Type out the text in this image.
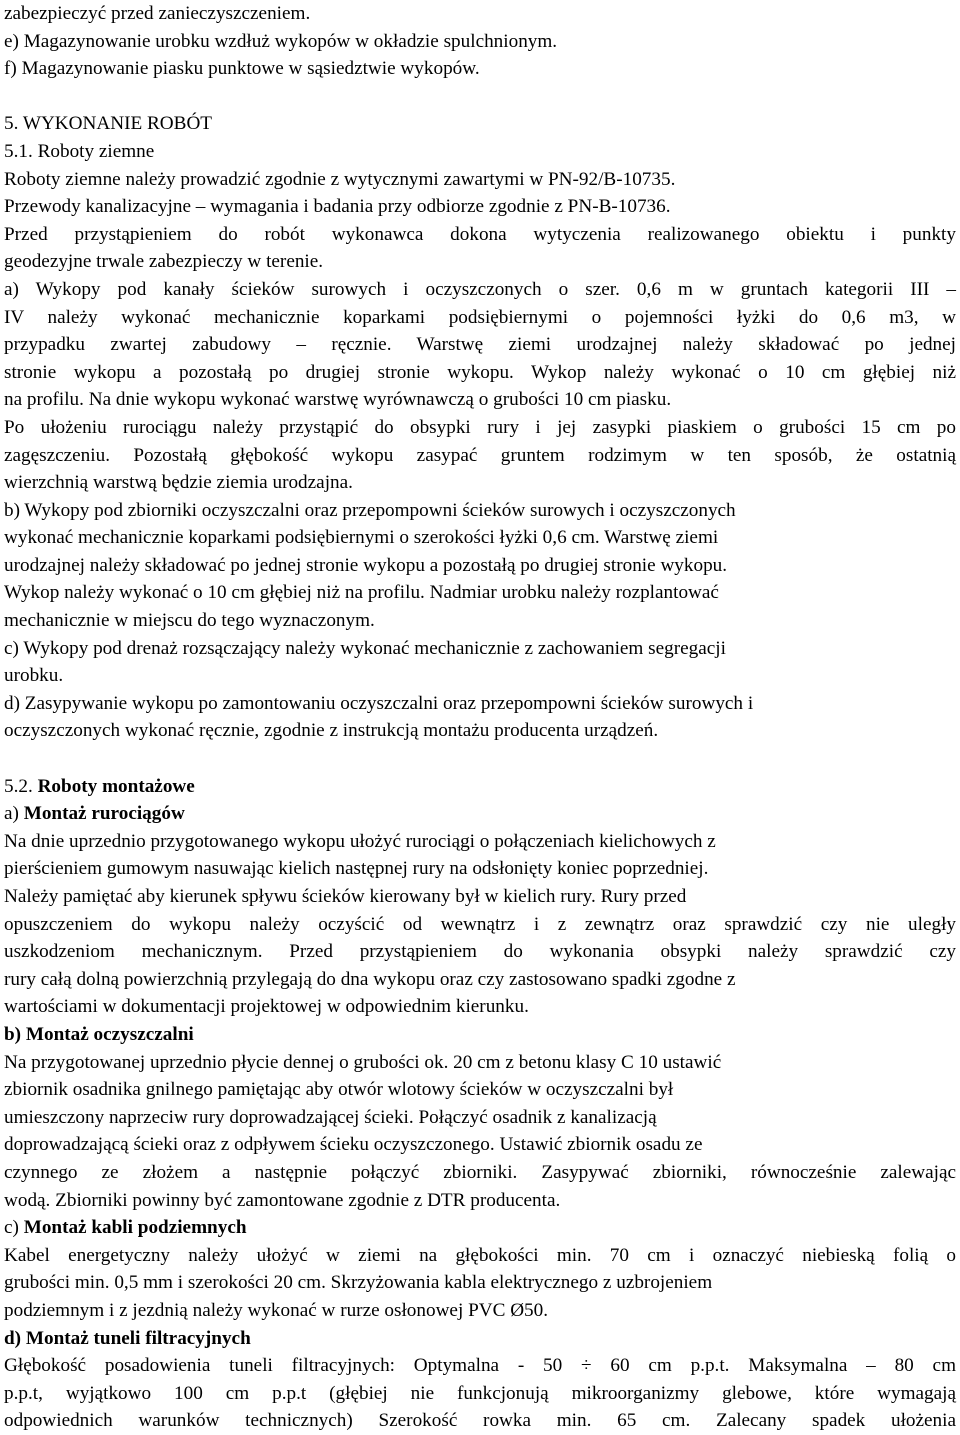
zabezpieczyć przed zanieczyszczeniem.
e) Magazynowanie urobku wzdłuż wykopów w okładzie spulchnionym.
f) Magazynowanie piasku punktowe w sąsiedztwie wykopów.
5. WYKONANIE ROBÓT
5.1. Roboty ziemne
Roboty ziemne należy prowadzić zgodnie z wytycznymi zawartymi w PN-92/B-10735.
Przewody kanalizacyjne – wymagania i badania przy odbiorze zgodnie z PN-B-10736.
Przed przystąpieniem do robót wykonawca dokona wytyczenia realizowanego obiektu i punkty
geodezyjne trwale zabezpieczy w terenie.
a) Wykopy pod kanały ścieków surowych i oczyszczonych o szer. 0,6 m w gruntach kategorii III –
IV należy wykonać mechanicznie koparkami podsiębiernymi o pojemności łyżki do 0,6 m3, w
przypadku zwartej zabudowy – ręcznie. Warstwę ziemi urodzajnej należy składować po jednej
stronie wykopu a pozostałą po drugiej stronie wykopu. Wykop należy wykonać o 10 cm głębiej niż
na profilu. Na dnie wykopu wykonać warstwę wyrównawczą o grubości 10 cm piasku.
Po ułożeniu rurociągu należy przystąpić do obsypki rury i jej zasypki piaskiem o grubości 15 cm po
zagęszczeniu. Pozostałą głębokość wykopu zasypać gruntem rodzimym w ten sposób, że ostatnią
wierzchnią warstwą będzie ziemia urodzajna.
b) Wykopy pod zbiorniki oczyszczalni oraz przepompowni ścieków surowych i oczyszczonych
wykonać mechanicznie koparkami podsiębiernymi o szerokości łyżki 0,6 cm. Warstwę ziemi
urodzajnej należy składować po jednej stronie wykopu a pozostałą po drugiej stronie wykopu.
Wykop należy wykonać o 10 cm głębiej niż na profilu. Nadmiar urobku należy rozplantować
mechanicznie w miejscu do tego wyznaczonym.
c) Wykopy pod drenaż rozsączający należy wykonać mechanicznie z zachowaniem segregacji
urobku.
d) Zasypywanie wykopu po zamontowaniu oczyszczalni oraz przepompowni ścieków surowych i
oczyszczonych wykonać ręcznie, zgodnie z instrukcją montażu producenta urządzeń.
5.2. Roboty montażowe
a) Montaż rurociągów
Na dnie uprzednio przygotowanego wykopu ułożyć rurociągi o połączeniach kielichowych z
pierścieniem gumowym nasuwając kielich następnej rury na odsłonięty koniec poprzedniej.
Należy pamiętać aby kierunek spływu ścieków kierowany był w kielich rury. Rury przed
opuszczeniem do wykopu należy oczyścić od wewnątrz i z zewnątrz oraz sprawdzić czy nie uległy
uszkodzeniom mechanicznym. Przed przystąpieniem do wykonania obsypki należy sprawdzić czy
rury całą dolną powierzchnią przylegają do dna wykopu oraz czy zastosowano spadki zgodne z
wartościami w dokumentacji projektowej w odpowiednim kierunku.
b) Montaż oczyszczalni
Na przygotowanej uprzednio płycie dennej o grubości ok. 20 cm z betonu klasy C 10 ustawić
zbiornik osadnika gnilnego pamiętając aby otwór wlotowy ścieków w oczyszczalni był
umieszczony naprzeciw rury doprowadzającej ścieki. Połączyć osadnik z kanalizacją
doprowadzającą ścieki oraz z odpływem ścieku oczyszczonego. Ustawić zbiornik osadu ze
czynnego ze złożem a następnie połączyć zbiorniki. Zasypywać zbiorniki, równocześnie zalewając
wodą. Zbiorniki powinny być zamontowane zgodnie z DTR producenta.
c) Montaż kabli podziemnych
Kabel energetyczny należy ułożyć w ziemi na głębokości min. 70 cm i oznaczyć niebieską folią o
grubości min. 0,5 mm i szerokości 20 cm. Skrzyżowania kabla elektrycznego z uzbrojeniem
podziemnym i z jezdnią należy wykonać w rurze osłonowej PVC Ø50.
d) Montaż tuneli filtracyjnych
Głębokość posadowienia tuneli filtracyjnych: Optymalna - 50 ÷ 60 cm p.p.t. Maksymalna – 80 cm
p.p.t, wyjątkowo 100 cm p.p.t (głębiej nie funkcjonują mikroorganizmy glebowe, które wymagają
odpowiednich warunków technicznych) Szerokość rowka min. 65 cm. Zalecany spadek ułożenia
